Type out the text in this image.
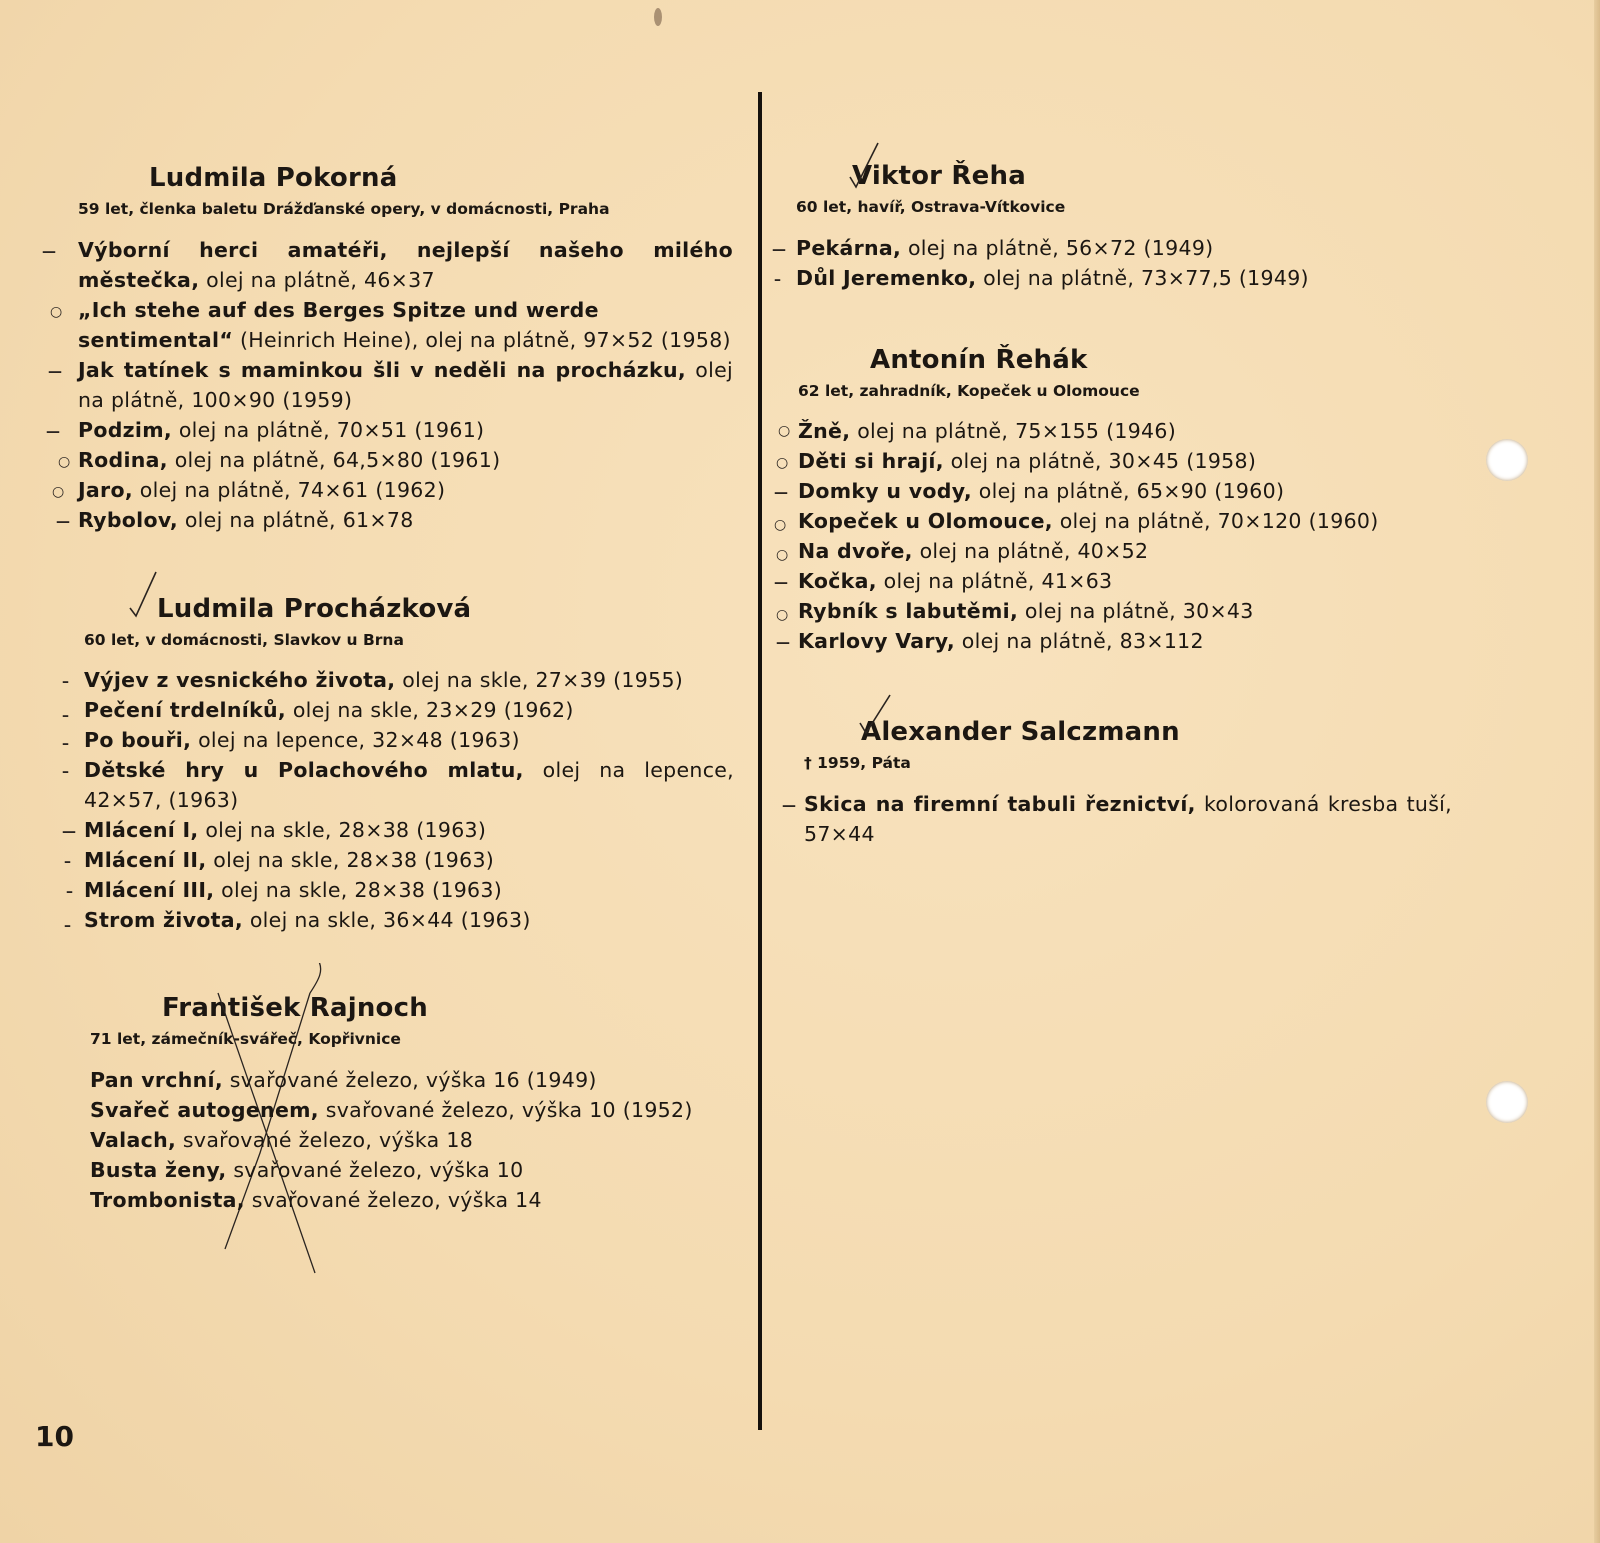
Ludmila Pokorná
59 let, členka baletu Drážďanské opery, v domácnosti, Praha
— Výborní herci amatéři, nejlepší našeho milého městečka, olej na plátně, 46×37
○ „Ich stehe auf des Berges Spitze und werde sentimental“ (Heinrich Heine), olej na plátně, 97×52 (1958)
— Jak tatínek s maminkou šli v neděli na procházku, olej na plátně, 100×90 (1959)
— Podzim, olej na plátně, 70×51 (1961)
○ Rodina, olej na plátně, 64,5×80 (1961)
○ Jaro, olej na plátně, 74×61 (1962)
— Rybolov, olej na plátně, 61×78
Ludmila Procházková
60 let, v domácnosti, Slavkov u Brna
– Výjev z vesnického života, olej na skle, 27×39 (1955)
– Pečení trdelníků, olej na skle, 23×29 (1962)
– Po bouři, olej na lepence, 32×48 (1963)
– Dětské hry u Polachového mlatu, olej na lepence, 42×57, (1963)
— Mlácení I, olej na skle, 28×38 (1963)
– Mlácení II, olej na skle, 28×38 (1963)
– Mlácení III, olej na skle, 28×38 (1963)
– Strom života, olej na skle, 36×44 (1963)
František Rajnoch
71 let, zámečník-svářeč, Kopřivnice
Pan vrchní, svařované železo, výška 16 (1949)
Svařeč autogenem, svařované železo, výška 10 (1952)
Valach, svařované železo, výška 18
Busta ženy, svařované železo, výška 10
Trombonista, svařované železo, výška 14
Viktor Řeha
60 let, havíř, Ostrava-Vítkovice
— Pekárna, olej na plátně, 56×72 (1949)
– Důl Jeremenko, olej na plátně, 73×77,5 (1949)
Antonín Řehák
62 let, zahradník, Kopeček u Olomouce
○ Žně, olej na plátně, 75×155 (1946)
○ Děti si hrají, olej na plátně, 30×45 (1958)
— Domky u vody, olej na plátně, 65×90 (1960)
○ Kopeček u Olomouce, olej na plátně, 70×120 (1960)
○ Na dvoře, olej na plátně, 40×52
— Kočka, olej na plátně, 41×63
○ Rybník s labutěmi, olej na plátně, 30×43
— Karlovy Vary, olej na plátně, 83×112
Alexander Salczmann
† 1959, Páta
— Skica na firemní tabuli řeznictví, kolorovaná kresba tuší, 57×44
10
